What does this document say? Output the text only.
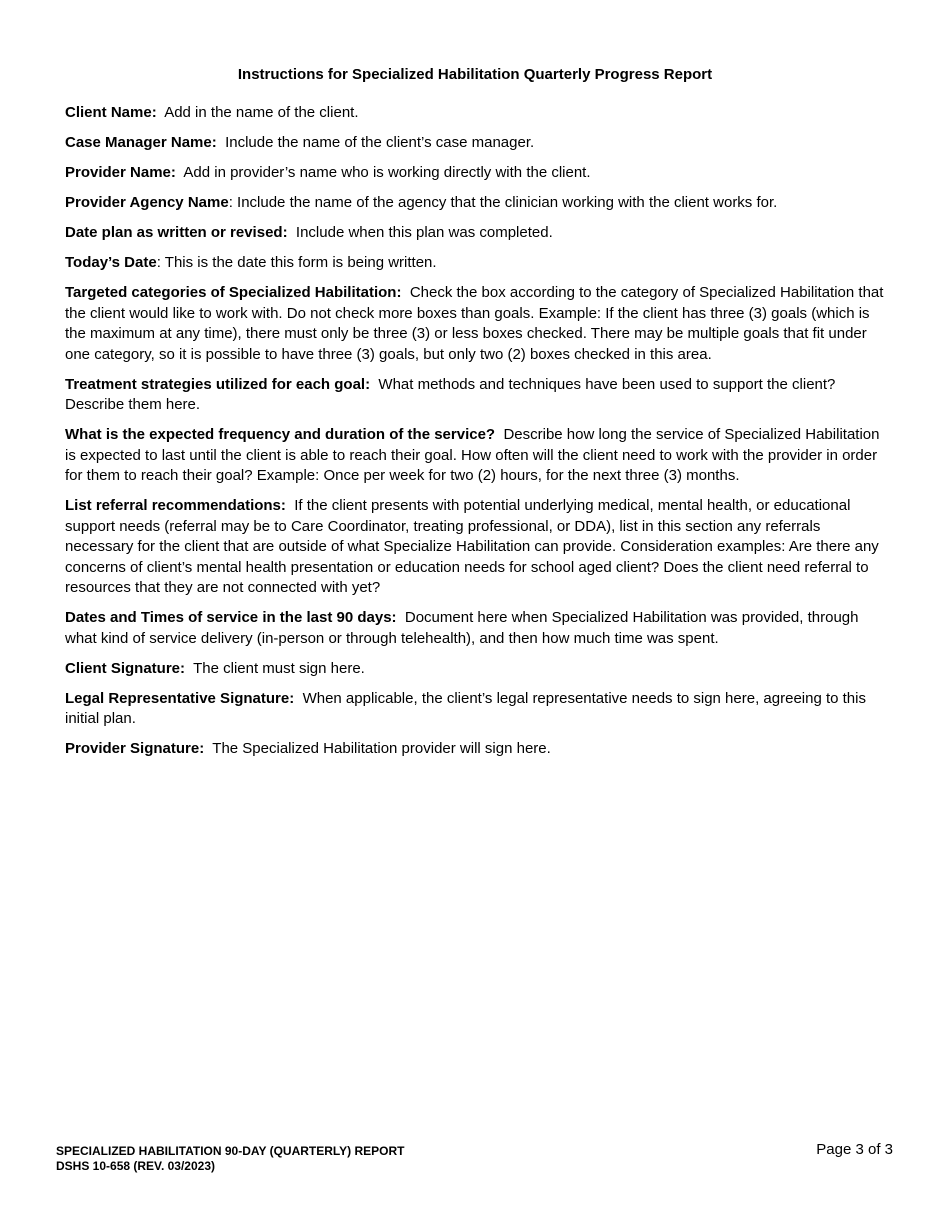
Instructions for Specialized Habilitation Quarterly Progress Report

Client Name: Add in the name of the client.

Case Manager Name: Include the name of the client’s case manager.

Provider Name: Add in provider’s name who is working directly with the client.

Provider Agency Name: Include the name of the agency that the clinician working with the client works for.

Date plan as written or revised: Include when this plan was completed.

Today’s Date: This is the date this form is being written.

Targeted categories of Specialized Habilitation: Check the box according to the category of Specialized Habilitation that the client would like to work with. Do not check more boxes than goals. Example: If the client has three (3) goals (which is the maximum at any time), there must only be three (3) or less boxes checked. There may be multiple goals that fit under one category, so it is possible to have three (3) goals, but only two (2) boxes checked in this area.

Treatment strategies utilized for each goal: What methods and techniques have been used to support the client? Describe them here.

What is the expected frequency and duration of the service? Describe how long the service of Specialized Habilitation is expected to last until the client is able to reach their goal. How often will the client need to work with the provider in order for them to reach their goal? Example: Once per week for two (2) hours, for the next three (3) months.

List referral recommendations: If the client presents with potential underlying medical, mental health, or educational support needs (referral may be to Care Coordinator, treating professional, or DDA), list in this section any referrals necessary for the client that are outside of what Specialize Habilitation can provide. Consideration examples: Are there any concerns of client’s mental health presentation or education needs for school aged client? Does the client need referral to resources that they are not connected with yet?

Dates and Times of service in the last 90 days: Document here when Specialized Habilitation was provided, through what kind of service delivery (in-person or through telehealth), and then how much time was spent.

Client Signature: The client must sign here.

Legal Representative Signature: When applicable, the client’s legal representative needs to sign here, agreeing to this initial plan.

Provider Signature: The Specialized Habilitation provider will sign here.

SPECIALIZED HABILITATION 90-DAY (QUARTERLY) REPORT
DSHS 10-658 (REV. 03/2023)
Page 3 of 3
